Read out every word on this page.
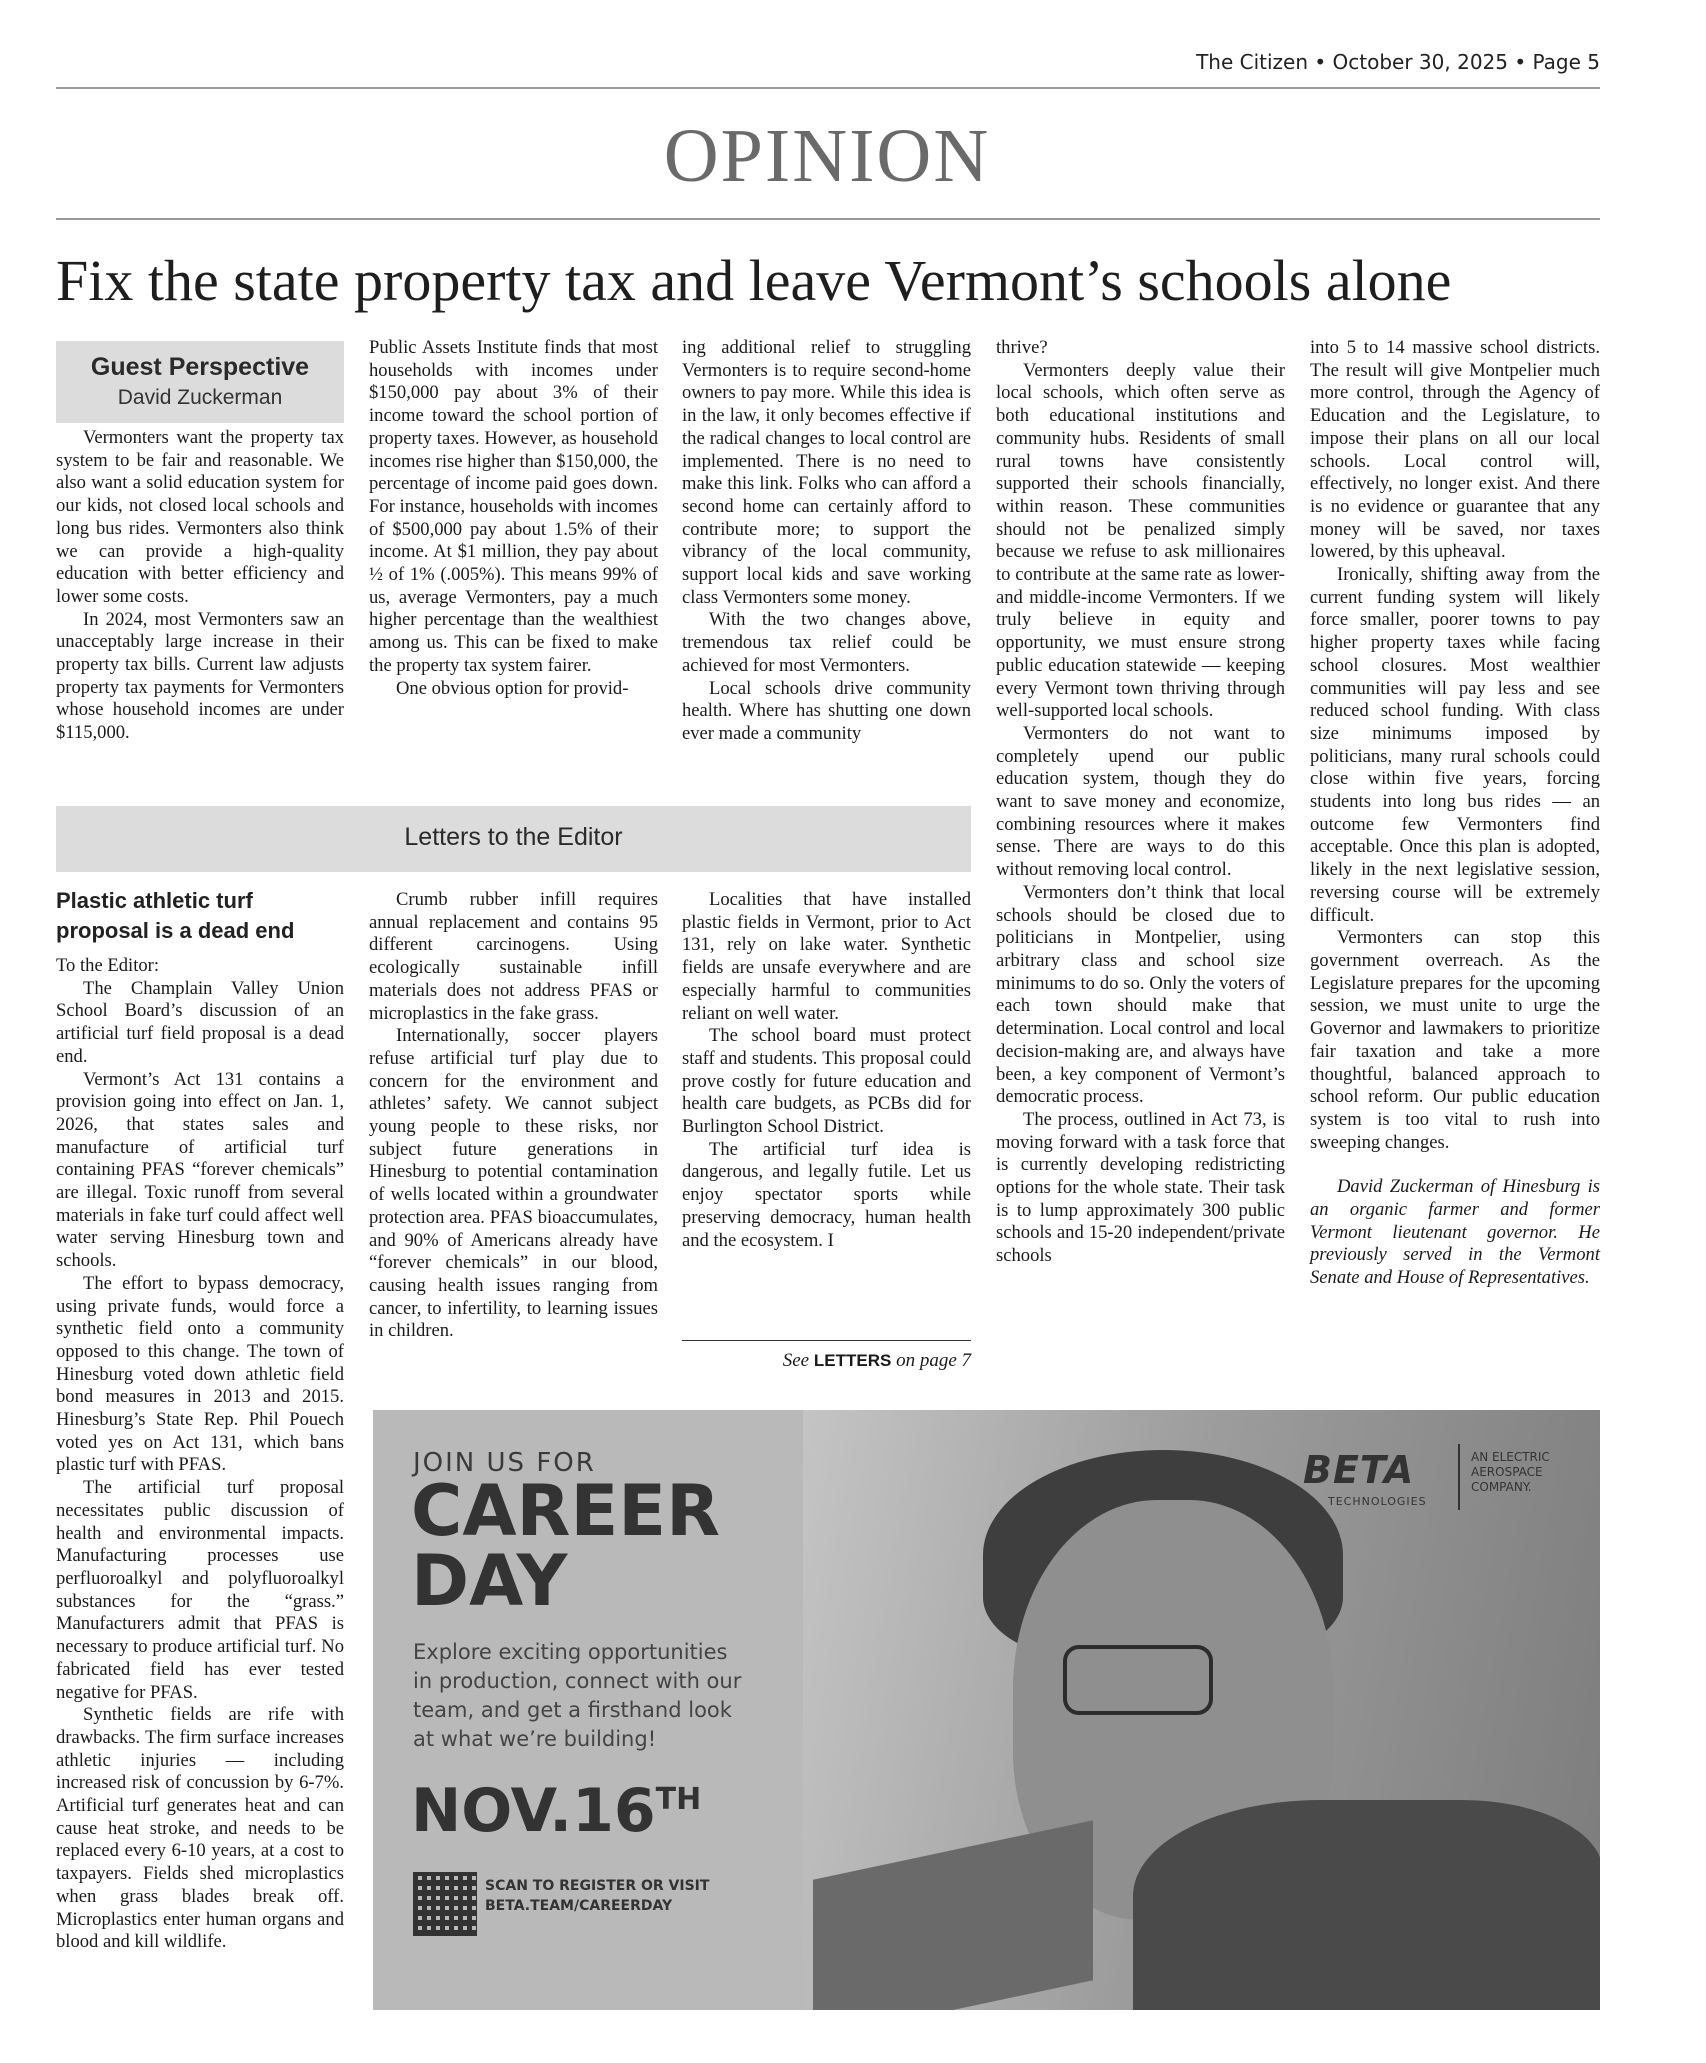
The Citizen • October 30, 2025 • Page 5
OPINION
Fix the state property tax and leave Vermont’s schools alone
Guest Perspective
David Zuckerman

Vermonters want the property tax system to be fair and reasonable. We also want a solid education system for our kids, not closed local schools and long bus rides. Vermonters also think we can provide a high-quality education with better efficiency and lower some costs.

In 2024, most Vermonters saw an unacceptably large increase in their property tax bills. Current law adjusts property tax payments for Vermonters whose household incomes are under $115,000.

Public Assets Institute finds that most households with incomes under $150,000 pay about 3% of their income toward the school portion of property taxes. However, as household incomes rise higher than $150,000, the percentage of income paid goes down. For instance, households with incomes of $500,000 pay about 1.5% of their income. At $1 million, they pay about ½ of 1% (.005%). This means 99% of us, average Vermonters, pay a much higher percentage than the wealthiest among us. This can be fixed to make the property tax system fairer.

One obvious option for provid-

ing additional relief to struggling Vermonters is to require second-home owners to pay more. While this idea is in the law, it only becomes effective if the radical changes to local control are implemented. There is no need to make this link. Folks who can afford a second home can certainly afford to contribute more; to support the vibrancy of the local community, support local kids and save working class Vermonters some money.

With the two changes above, tremendous tax relief could be achieved for most Vermonters.

Local schools drive community health. Where has shutting one down ever made a community

thrive?

Vermonters deeply value their local schools, which often serve as both educational institutions and community hubs. Residents of small rural towns have consistently supported their schools financially, within reason. These communities should not be penalized simply because we refuse to ask millionaires to contribute at the same rate as lower- and middle-income Vermonters. If we truly believe in equity and opportunity, we must ensure strong public education statewide — keeping every Vermont town thriving through well-supported local schools.

Vermonters do not want to completely upend our public education system, though they do want to save money and economize, combining resources where it makes sense. There are ways to do this without removing local control.

Vermonters don’t think that local schools should be closed due to politicians in Montpelier, using arbitrary class and school size minimums to do so. Only the voters of each town should make that determination. Local control and local decision-making are, and always have been, a key component of Vermont’s democratic process.

The process, outlined in Act 73, is moving forward with a task force that is currently developing redistricting options for the whole state. Their task is to lump approximately 300 public schools and 15-20 independent/private schools

into 5 to 14 massive school districts. The result will give Montpelier much more control, through the Agency of Education and the Legislature, to impose their plans on all our local schools. Local control will, effectively, no longer exist. And there is no evidence or guarantee that any money will be saved, nor taxes lowered, by this upheaval.

Ironically, shifting away from the current funding system will likely force smaller, poorer towns to pay higher property taxes while facing school closures. Most wealthier communities will pay less and see reduced school funding. With class size minimums imposed by politicians, many rural schools could close within five years, forcing students into long bus rides — an outcome few Vermonters find acceptable. Once this plan is adopted, likely in the next legislative session, reversing course will be extremely difficult.

Vermonters can stop this government overreach. As the Legislature prepares for the upcoming session, we must unite to urge the Governor and lawmakers to prioritize fair taxation and take a more thoughtful, balanced approach to school reform. Our public education system is too vital to rush into sweeping changes.

David Zuckerman of Hinesburg is an organic farmer and former Vermont lieutenant governor. He previously served in the Vermont Senate and House of Representatives.

Letters to the Editor
Plastic athletic turf proposal is a dead end

To the Editor:

The Champlain Valley Union School Board’s discussion of an artificial turf field proposal is a dead end.

Vermont’s Act 131 contains a provision going into effect on Jan. 1, 2026, that states sales and manufacture of artificial turf containing PFAS “forever chemicals” are illegal. Toxic runoff from several materials in fake turf could affect well water serving Hinesburg town and schools.

The effort to bypass democracy, using private funds, would force a synthetic field onto a community opposed to this change. The town of Hinesburg voted down athletic field bond measures in 2013 and 2015. Hinesburg’s State Rep. Phil Pouech voted yes on Act 131, which bans plastic turf with PFAS.

The artificial turf proposal necessitates public discussion of health and environmental impacts. Manufacturing processes use perfluoroalkyl and polyfluoroalkyl substances for the “grass.” Manufacturers admit that PFAS is necessary to produce artificial turf. No fabricated field has ever tested negative for PFAS.

Synthetic fields are rife with drawbacks. The firm surface increases athletic injuries — including increased risk of concussion by 6-7%. Artificial turf generates heat and can cause heat stroke, and needs to be replaced every 6-10 years, at a cost to taxpayers. Fields shed microplastics when grass blades break off. Microplastics enter human organs and blood and kill wildlife.

Crumb rubber infill requires annual replacement and contains 95 different carcinogens. Using ecologically sustainable infill materials does not address PFAS or microplastics in the fake grass.

Internationally, soccer players refuse artificial turf play due to concern for the environment and athletes’ safety. We cannot subject young people to these risks, nor subject future generations in Hinesburg to potential contamination of wells located within a groundwater protection area. PFAS bioaccumulates, and 90% of Americans already have “forever chemicals” in our blood, causing health issues ranging from cancer, to infertility, to learning issues in children.

Localities that have installed plastic fields in Vermont, prior to Act 131, rely on lake water. Synthetic fields are unsafe everywhere and are especially harmful to communities reliant on well water.

The school board must protect staff and students. This proposal could prove costly for future education and health care budgets, as PCBs did for Burlington School District.

The artificial turf idea is dangerous, and legally futile. Let us enjoy spectator sports while preserving democracy, human health and the ecosystem. I

See LETTERS on page 7
JOIN US FOR
CAREER
DAY
Explore exciting opportunities in production, connect with our team, and get a firsthand look at what we’re building!
NOV.16TH
SCAN TO REGISTER OR VISIT
BETA.TEAM/CAREERDAY
BETA
TECHNOLOGIES
AN ELECTRIC
AEROSPACE
COMPANY.
